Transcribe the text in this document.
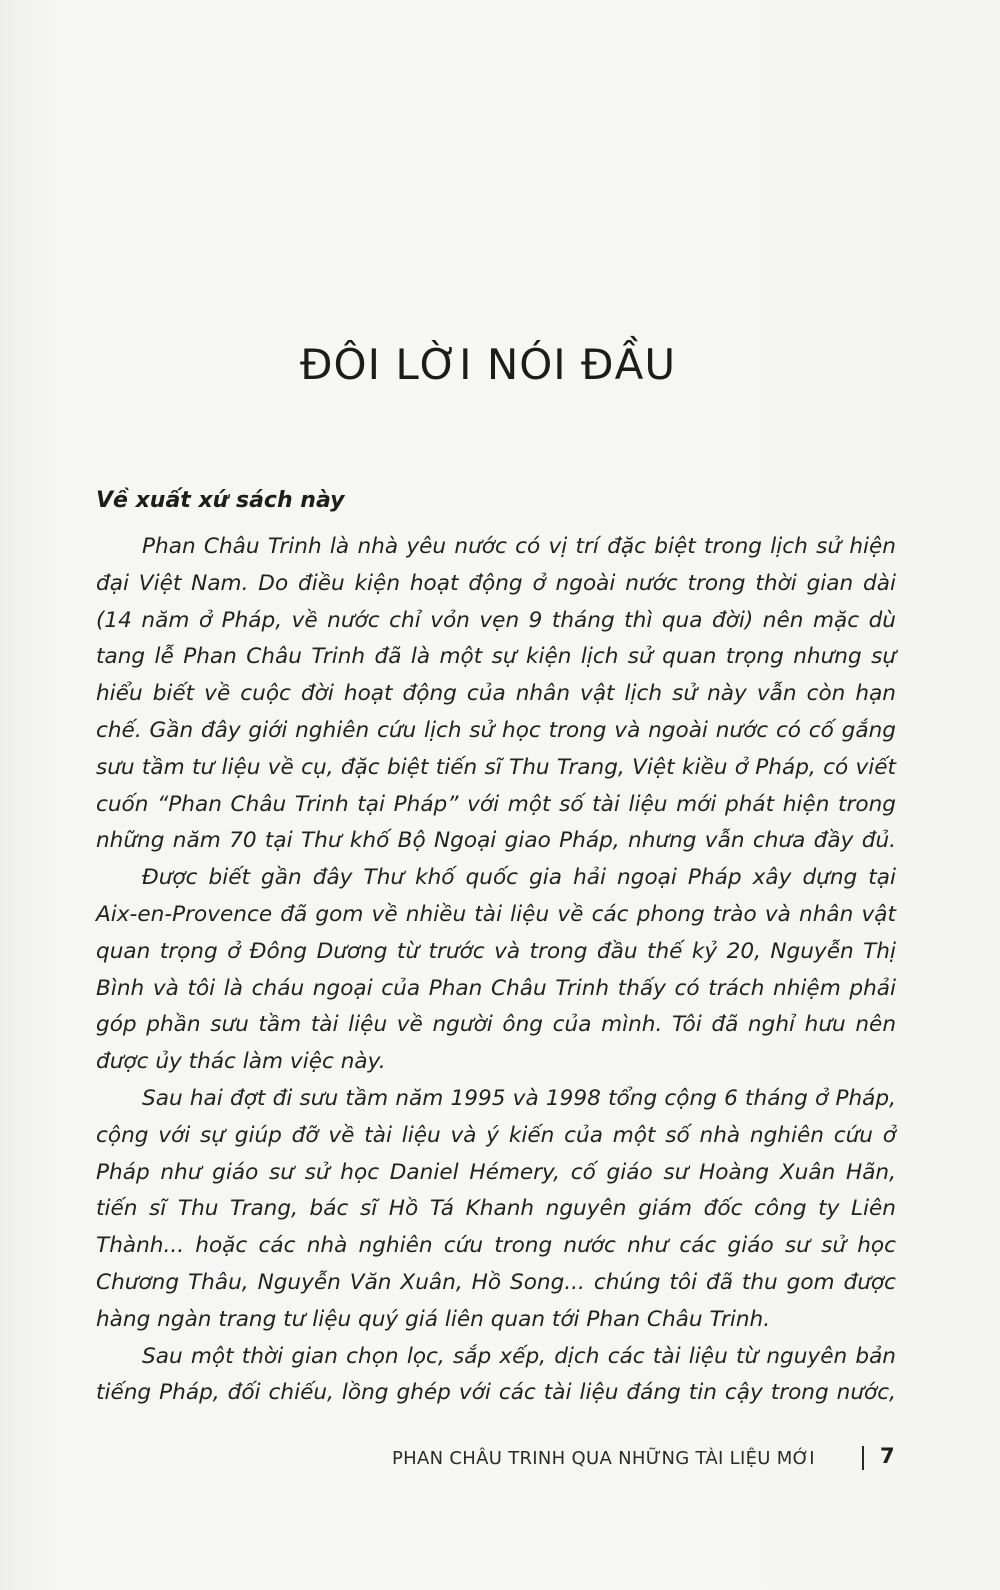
ĐÔI LỜI NÓI ĐẦU
Về xuất xứ sách này
Phan Châu Trinh là nhà yêu nước có vị trí đặc biệt trong lịch sử hiện
đại Việt Nam. Do điều kiện hoạt động ở ngoài nước trong thời gian dài
(14 năm ở Pháp, về nước chỉ vỏn vẹn 9 tháng thì qua đời) nên mặc dù
tang lễ Phan Châu Trinh đã là một sự kiện lịch sử quan trọng nhưng sự
hiểu biết về cuộc đời hoạt động của nhân vật lịch sử này vẫn còn hạn
chế. Gần đây giới nghiên cứu lịch sử học trong và ngoài nước có cố gắng
sưu tầm tư liệu về cụ, đặc biệt tiến sĩ Thu Trang, Việt kiều ở Pháp, có viết
cuốn “Phan Châu Trinh tại Pháp” với một số tài liệu mới phát hiện trong
những năm 70 tại Thư khố Bộ Ngoại giao Pháp, nhưng vẫn chưa đầy đủ.
Được biết gần đây Thư khố quốc gia hải ngoại Pháp xây dựng tại
Aix-en-Provence đã gom về nhiều tài liệu về các phong trào và nhân vật
quan trọng ở Đông Dương từ trước và trong đầu thế kỷ 20, Nguyễn Thị
Bình và tôi là cháu ngoại của Phan Châu Trinh thấy có trách nhiệm phải
góp phần sưu tầm tài liệu về người ông của mình. Tôi đã nghỉ hưu nên
được ủy thác làm việc này.
Sau hai đợt đi sưu tầm năm 1995 và 1998 tổng cộng 6 tháng ở Pháp,
cộng với sự giúp đỡ về tài liệu và ý kiến của một số nhà nghiên cứu ở
Pháp như giáo sư sử học Daniel Hémery, cố giáo sư Hoàng Xuân Hãn,
tiến sĩ Thu Trang, bác sĩ Hồ Tá Khanh nguyên giám đốc công ty Liên
Thành... hoặc các nhà nghiên cứu trong nước như các giáo sư sử học
Chương Thâu, Nguyễn Văn Xuân, Hồ Song... chúng tôi đã thu gom được
hàng ngàn trang tư liệu quý giá liên quan tới Phan Châu Trinh.
Sau một thời gian chọn lọc, sắp xếp, dịch các tài liệu từ nguyên bản
tiếng Pháp, đối chiếu, lồng ghép với các tài liệu đáng tin cậy trong nước,
PHAN CHÂU TRINH QUA NHỮNG TÀI LIỆU MỚI	7
